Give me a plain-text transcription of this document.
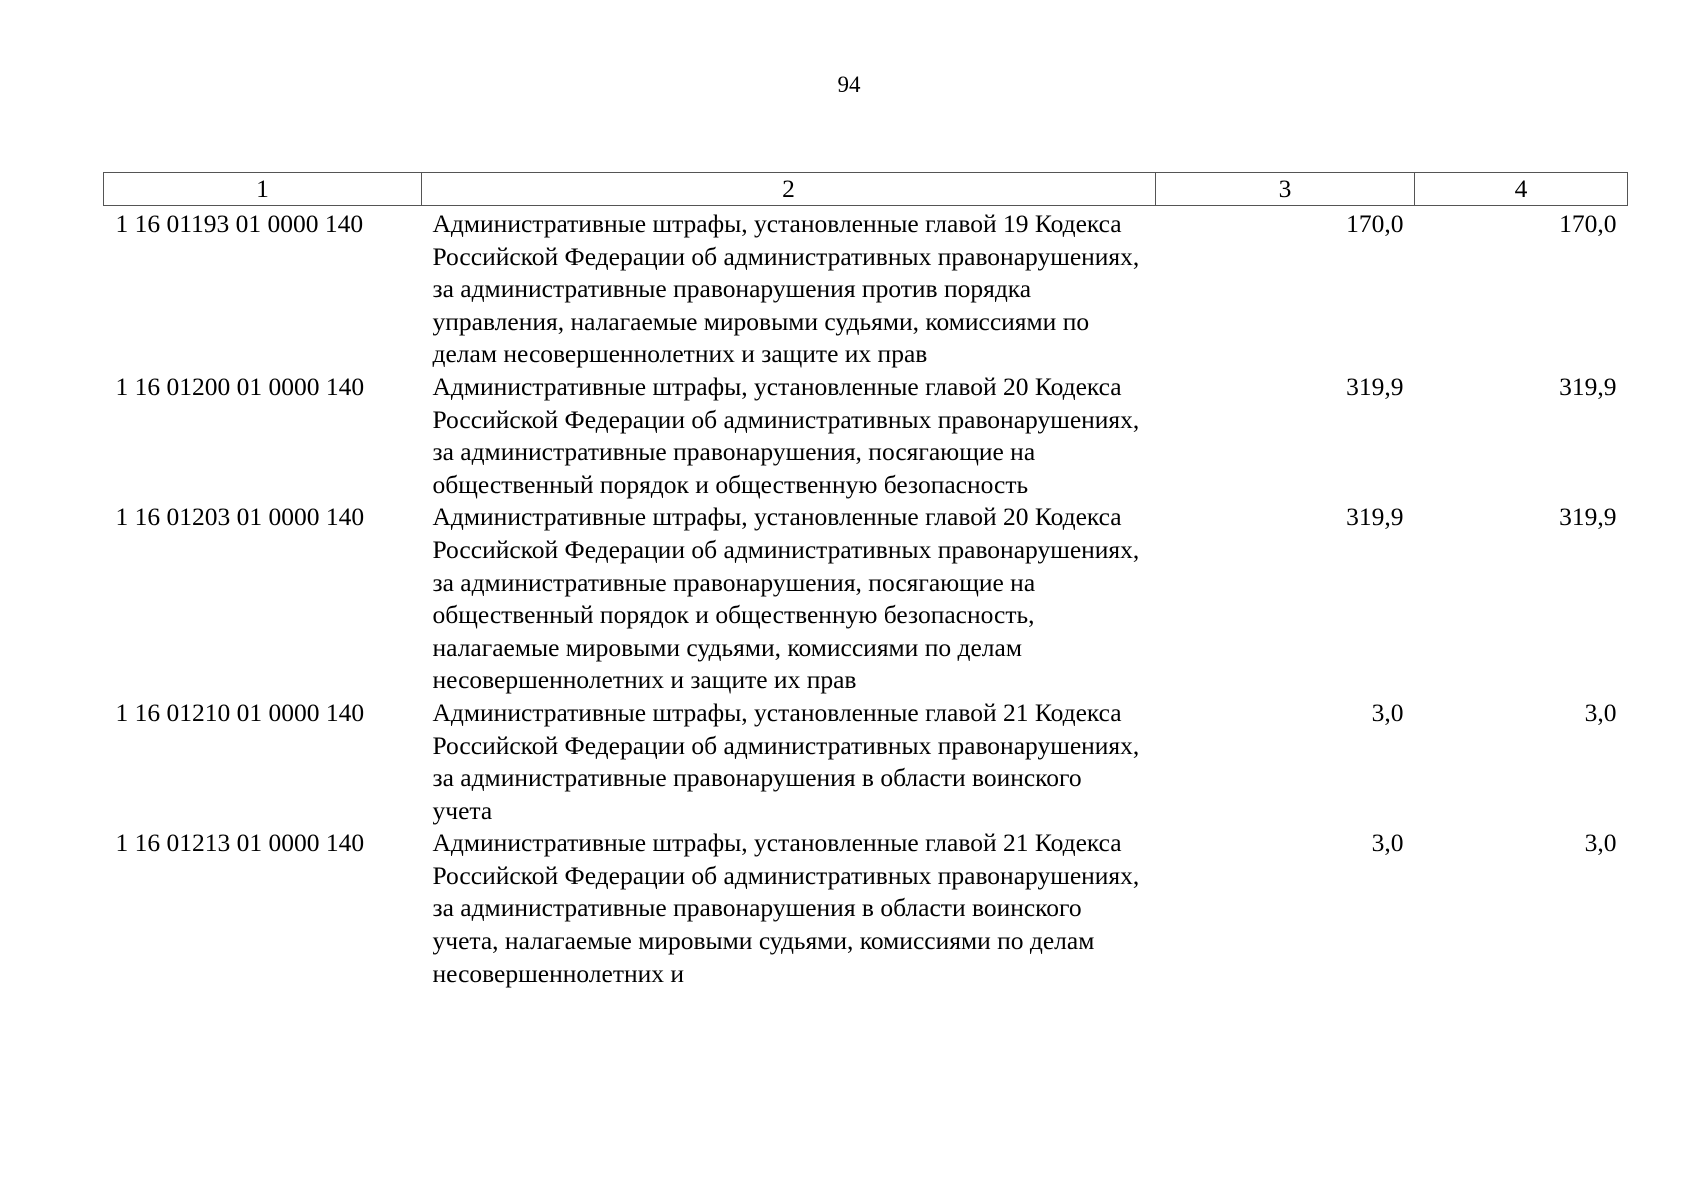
94
1	2	3	4
1 16 01193 01 0000 140	Административные штрафы, установленные главой 19 Кодекса Российской Федерации об административных правонарушениях, за административные правонарушения против порядка управления, налагаемые мировыми судьями, комиссиями по делам несовершеннолетних и защите их прав	170,0	170,0
1 16 01200 01 0000 140	Административные штрафы, установленные главой 20 Кодекса Российской Федерации об административных правонарушениях, за административные правонарушения, посягающие на общественный порядок и общественную безопасность	319,9	319,9
1 16 01203 01 0000 140	Административные штрафы, установленные главой 20 Кодекса Российской Федерации об административных правонарушениях, за административные правонарушения, посягающие на общественный порядок и общественную безопасность, налагаемые мировыми судьями, комиссиями по делам несовершеннолетних и защите их прав	319,9	319,9
1 16 01210 01 0000 140	Административные штрафы, установленные главой 21 Кодекса Российской Федерации об административных правонарушениях, за административные правонарушения в области воинского учета	3,0	3,0
1 16 01213 01 0000 140	Административные штрафы, установленные главой 21 Кодекса Российской Федерации об административных правонарушениях, за административные правонарушения в области воинского учета, налагаемые мировыми судьями, комиссиями по делам несовершеннолетних и	3,0	3,0
